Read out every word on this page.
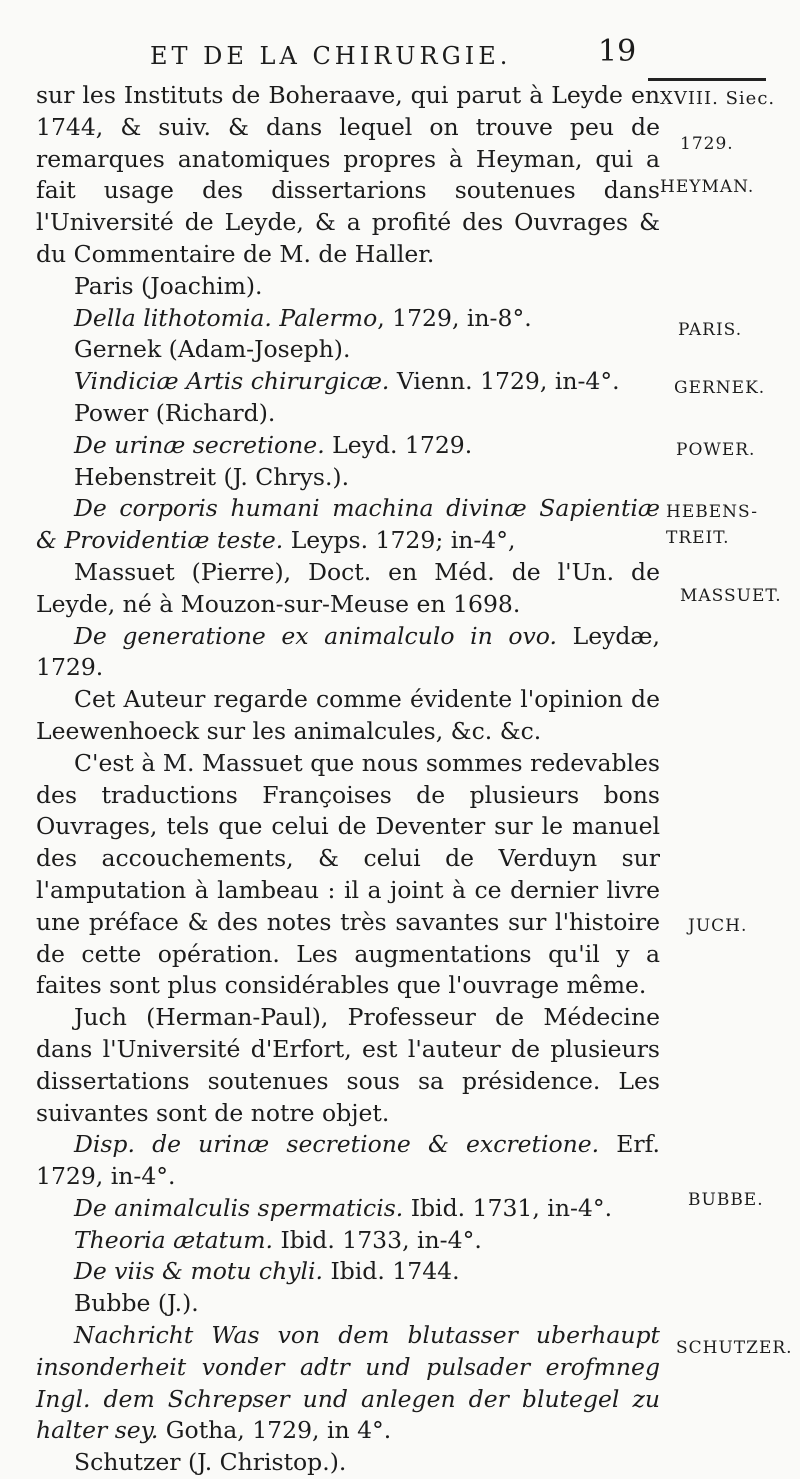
ET DE LA CHIRURGIE.	19
XVIII. Siec.
1729.
HEYMAN.
PARIS.
GERNEK.
POWER.
HEBENS-
TREIT.
MASSUET.
JUCH.
BUBBE.
SCHUTZER.

sur les Instituts de Boheraave, qui parut à Leyde en 1744, & suiv. & dans lequel on trouve peu de remarques anatomiques propres à Heyman, qui a fait usage des dissertarions soutenues dans l'Université de Leyde, & a profité des Ouvrages & du Commentaire de M. de Haller.

Paris (Joachim).

Della lithotomia. Palermo, 1729, in-8°.

Gernek (Adam-Joseph).

Vindiciæ Artis chirurgicæ. Vienn. 1729, in-4°.

Power (Richard).

De urinæ secretione. Leyd. 1729.

Hebenstreit (J. Chrys.).

De corporis humani machina divinæ Sapientiæ & Providentiæ teste. Leyps. 1729; in-4°,

Massuet (Pierre), Doct. en Méd. de l'Un. de Leyde, né à Mouzon-sur-Meuse en 1698.

De generatione ex animalculo in ovo. Leydæ, 1729.

Cet Auteur regarde comme évidente l'opinion de Leewenhoeck sur les animalcules, &c. &c.

C'est à M. Massuet que nous sommes redevables des traductions Françoises de plusieurs bons Ouvrages, tels que celui de Deventer sur le manuel des accouchements, & celui de Verduyn sur l'amputation à lambeau : il a joint à ce dernier livre une préface & des notes très savantes sur l'histoire de cette opération. Les augmentations qu'il y a faites sont plus considérables que l'ouvrage même.

Juch (Herman-Paul), Professeur de Médecine dans l'Université d'Erfort, est l'auteur de plusieurs dissertations soutenues sous sa présidence. Les suivantes sont de notre objet.

Disp. de urinæ secretione & excretione. Erf. 1729, in-4°.

De animalculis spermaticis. Ibid. 1731, in-4°.

Theoria ætatum. Ibid. 1733, in-4°.

De viis & motu chyli. Ibid. 1744.

Bubbe (J.).

Nachricht Was von dem blutasser uberhaupt insonderheit vonder adtr und pulsader erofmneg Ingl. dem Schrepser und anlegen der blutegel zu halter sey. Gotha, 1729, in 4°.

Schutzer (J. Christop.).
